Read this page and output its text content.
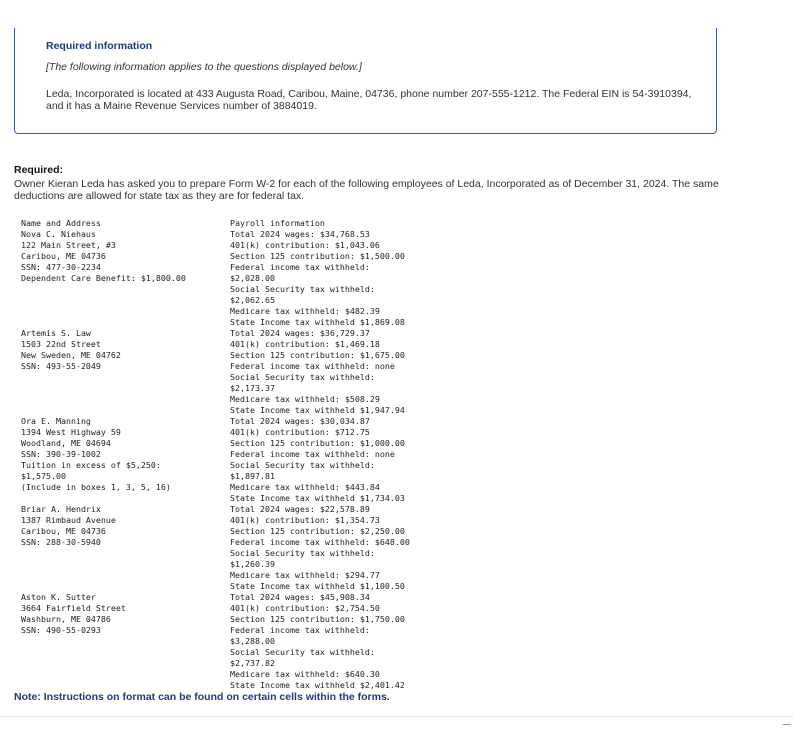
Required information
[The following information applies to the questions displayed below.]
Leda, Incorporated is located at 433 Augusta Road, Caribou, Maine, 04736, phone number 207-555-1212. The Federal EIN is 54-3910394, and it has a Maine Revenue Services number of 3884019.
Required:
Owner Kieran Leda has asked you to prepare Form W-2 for each of the following employees of Leda, Incorporated as of December 31, 2024. The same deductions are allowed for state tax as they are for federal tax.
Name and Address	Payroll information
Nova C. Niehaus
122 Main Street, #3
Caribou, ME 04736
SSN: 477-30-2234
Dependent Care Benefit: $1,800.00
Total 2024 wages: $34,768.53
401(k) contribution: $1,043.06
Section 125 contribution: $1,500.00
Federal income tax withheld:
$2,028.00
Social Security tax withheld:
$2,062.65
Medicare tax withheld: $482.39
State Income tax withheld $1,869.08
Artemis S. Law
1503 22nd Street
New Sweden, ME 04762
SSN: 493-55-2049
Total 2024 wages: $36,729.37
401(k) contribution: $1,469.18
Section 125 contribution: $1,675.00
Federal income tax withheld: none
Social Security tax withheld:
$2,173.37
Medicare tax withheld: $508.29
State Income tax withheld $1,947.94
Ora E. Manning
1394 West Highway 59
Woodland, ME 04694
SSN: 390-39-1002
Tuition in excess of $5,250:
$1,575.00
(Include in boxes 1, 3, 5, 16)
Total 2024 wages: $30,034.87
401(k) contribution: $712.75
Section 125 contribution: $1,000.00
Federal income tax withheld: none
Social Security tax withheld:
$1,897.81
Medicare tax withheld: $443.84
State Income tax withheld $1,734.03
Briar A. Hendrix
1387 Rimbaud Avenue
Caribou, ME 04736
SSN: 288-30-5940
Total 2024 wages: $22,578.89
401(k) contribution: $1,354.73
Section 125 contribution: $2,250.00
Federal income tax withheld: $648.00
Social Security tax withheld:
$1,260.39
Medicare tax withheld: $294.77
State Income tax withheld $1,100.50
Aston K. Sutter
3664 Fairfield Street
Washburn, ME 04786
SSN: 490-55-0293
Total 2024 wages: $45,908.34
401(k) contribution: $2,754.50
Section 125 contribution: $1,750.00
Federal income tax withheld:
$3,288.00
Social Security tax withheld:
$2,737.82
Medicare tax withheld: $640.30
State Income tax withheld $2,401.42
Note: Instructions on format can be found on certain cells within the forms.
